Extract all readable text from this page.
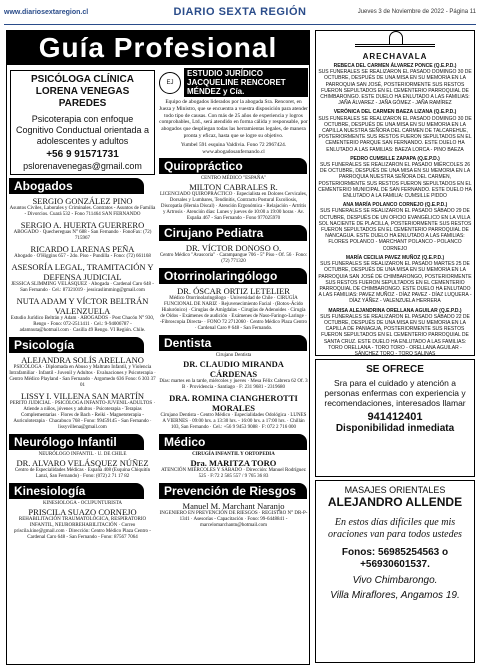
www.diariosextaregion.cl	DIARIO SEXTA REGIÓN	Jueves 3 de Noviembre de 2022 - Página 11
Guía Profesional
PSICÓLOGA CLÍNICA
LORENA VENEGAS PAREDES
Psicoterapia con enfoque Cognitivo Conductual orientada a adolescentes y adultos
+56 9 91571731
pslorenavenegas@gmail.com
Abogados
SERGIO GONZÁLEZ PINO
Asuntos Civiles, Laborales y Criminales. Contratos - Asuntos de Familia - Divorcios. Cuará 532 - Fono 711464 SAN FERNANDO
SERGIO A. HUERTA GUERRERO
ABOGADO · Quechereguas N° 688 - San Fernando · FonoFax: (72) 715967
RICARDO LARENAS PEÑA
Abogado · O'Higgins 657 - 2do. Piso - Pundilla - Fono: (72) 661168
ASESORÍA LEGAL, TRAMITACIÓN Y DEFENSA JUDICIAL
JESSICA SLIMMING VELÁSQUEZ · Abogada · Cardenal Caro 648 - San Fernando · Cel.: 87321019 · jessicaslimming@gmail.com
NUTA ADAM Y VÍCTOR BELTRÁN VALENZUELA
Estudio Jurídico Beltrán y Adam · ABOGADOS · Post Chacón N° 930, Rengo - Fono: 072-2511411 · Cel.: 9-94006787 - adamnuta@hotmail.com · Casilla 49 Rengo. VI Región. Chile.
Psicología
ALEJANDRA SOLÍS ARELLANO
PSICÓLOGA · Diplomada en Abuso y Maltrato Infantil, y Violencia Intrafamiliar · Infantil - Juvenil y Adultos · Evaluaciones y Psicoterapia · Centro Médico Playland - San Fernando · Argomedo 636 Fono: 6 303 37 01
LISSY I. VILLENA SAN MARTÍN
PERITO JUDICIAL · PSICÓLOGA INFANTO-JUVENIL-ADULTOS · Atiende a niños, jóvenes y adultos · Psicoterapia - Terapias Complementarias · Flores de Bach - Reiki - Magnetoterapia - Auriculoterapia · Chacabuco 768 - Fono: 99459145 - San Fernando · lissyvillena@gmail.com
Neurólogo Infantil
NEURÓLOGO INFANTIL · U. DE CHILE
DR. ALVARO VELÁSQUEZ NÚÑEZ
Centro de Especialidades Médicas · España 408 (Esquina Chiquitín Lanzi, San Fernando) · Fono: (072) 2 71 17 82
Kinesiología
KINESIOLOGA - OCUPUNTURISTA
PRISCILA SUAZO CORNEJO
REHABILITACIÓN TRAUMATOLÓGICA, RESPIRATORIO INFANTIL, NEURORREHABILITACIÓN · Correo priscila.kine@gmail.com · Dirección: Centro Médico Plaza Centro - Cardenal Caro 648 - San Fernando - Fono: 87567 7064
EJ
ESTUDIO JURÍDICO JACQUELINE RENCORET MÉNDEZ y Cía.
Equipo de abogados liderados por la abogada Sra. Rencoret, en Jueza y Ministro, que se encuentra a vuestra disposición para atender todo tipo de causas. Con más de 25 años de experiencia y logros comprobables, Ltd., será atendido en forma cálida y responsable, por abogados que despliegan todas las herramientas legales, de manera pronta y eficaz, hasta que se logre su objetivo.
Yumbel 591 esquina Valdivia. Fono 72 2967424. www.abogadosanfernando.cl
Quiropráctico
CENTRO MÉDICO "ESPAÑA"
MILTON CABRALES R.
LICENCIADO QUIROPRÁCTICO · Especialista en Dolores Cervicales, Dorsales y Lumbares, Tendinitis, Contractu Postural Escoliosis, Discopatía (Hernia Discal) · Atención Ergonómica - Relajación - Artritis y Artrosis · Atención días: Lunes y jueves de 10:00 a 19:00 horas · Av. España 467 - San Fernando - Fono 977025970
Cirujano Pediatra
DR. VÍCTOR DONOSO O.
Centro Médico "Avascoria" · Carampangue 706 - 5° Piso - Of. 56 · Fono: (72) 771320
Otorrinolaringólogo
DR. ÓSCAR ORTIZ LETELIER
Médico Otorrinolaringólogo · Universidad de Chile · CIRUGÍA FUNCIONAL DE NARIZ · Rejuvenecimiento Facial · (Botox-Ácido Hialurónico) · Cirugías de Amígdalas - Cirugías de Adenoides · Cirugía de Oídos - Exámenes de audición · Exámenes de Naso-Faringo-Laringe · -Fibroscopia Directa- · FONO 72 2712060 · Centro Médico Plaza Centro · Cardenal Caro # 648 - San Fernando.
Dentista
Cirujano Dentista
DR. CLAUDIO MIRANDA CÁRDENAS
Días: martes en la tarde, miércoles y jueves · Mesa Félix Cabrera 62 Of. 3 B · Providencia - Santiago · F: 231 9681 - 2319680
DRA. ROMINA CIANGHEROTTI MORALES
Cirujano Dentista - Centro Médico · Especialidades Odológica · LUNES A VIERNES · 09:00 hrs. a 13:30 hrs. - 16:00 hrs. a 17:00 hrs. · Chillán 103, San Fernando · Cel.: +56 9 9453 9088 · F: 072 2 716 000
Médico
CIRUGÍA INFANTIL Y ORTOPEDIA
Dra. MARITZA TORO
ATENCIÓN MIÉRCOLES Y SÁBADO · Dirección: Manuel Rodríguez 525 · F:72 2 585 557 / 9 765 36 83
Prevención de Riesgos
Manuel M. Marchant Naranjo
INGENIERO EN PREVENCIÓN DE RIESGOS · REGISTRO N° DR-P-1341 · Asesorías - Capacitación · Fono: 99-6448841 - marcelomarchantn@hotmail.com
ARECHAVALA
REBECA DEL CARMEN ÁLVAREZ PONCE (Q.E.P.D.)
SUS FUNERALES SE REALIZARON EL PASADO DOMINGO 30 DE OCTUBRE, DESPUÉS DE UNA MISA EN SU MEMORIA EN LA PARROQUIA SAN JOSÉ, POSTERIORMENTE SUS RESTOS FUERON SEPULTADOS EN EL CEMENTERIO PARROQUIAL DE CHIMBARONGO. ESTE DUELO HA ENLUTADO A LAS FAMILIAS: JAÑA ÁLVAREZ - JAÑA GÓMEZ - JAÑA RAMÍREZ
VERÓNICA DEL CARMEN BAEZA LIZANA (Q.E.P.D.)
SUS FUNERALES SE REALIZARON EL PASADO DOMINGO 30 DE OCTUBRE, DESPUÉS DE UNA MISA EN SU MEMORIA EN LA CAPILLA NUESTRA SEÑORA DEL CARMEN DE TALCAREHUE, POSTERIORMENTE SUS RESTOS FUERON SEPULTADOS EN EL CEMENTERIO PARQUE SAN FERNANDO. ESTE DUELO HA ENLUTADO A LAS FAMILIAS: BAEZA LORCA - PINO BAEZA
PEDRO CUMSILLE ZAPAPA (Q.E.P.D.)
SUS FUNERALES SE REALIZARON EL PASADO MIÉRCOLES 26 DE OCTUBRE, DESPUÉS DE UNA MISA EN SU MEMORIA EN LA PARROQUIA NUESTRA SEÑORA DEL CARMEN, POSTERIORMENTE SUS RESTOS FUERON SEPULTADOS EN EL CEMENTERIO MUNICIPAL DE SAN FERNANDO. ESTE DUELO HA ENLUTADO A LA FAMILIA: CUMSILLE PIDDO
ANA MARÍA POLANCO CORNEJO (Q.E.P.D.)
SUS FUNERALES SE REALIZARON EL PASADO SÁBADO 29 DE OCTUBRE, DESPUÉS DE UN OFICIO EVANGÉLICO EN LA VILLA SOL NACIENTE DE PLACILLA, POSTERIORMENTE SUS RESTOS FUERON SEPULTADOS EN EL CEMENTERIO PARROQUIAL DE NANCAGUA. ESTE DUELO HA ENLUTADO A LAS FAMILIAS: FLORES POLANCO - MARCHANT POLANCO - POLANCO CORNEJO
MARÍA CECILIA PAVEZ MUÑOZ (Q.E.P.D.)
SUS FUNERALES SE REALIZARON EL PASADO MARTES 25 DE OCTUBRE, DESPUÉS DE UNA MISA EN SU MEMORIA EN LA PARROQUIA SAN JOSÉ DE CHIMBARONGO, POSTERIORMENTE SUS RESTOS FUERON SEPULTADOS EN EL CEMENTERIO PARROQUIAL DE CHIMBARONGO. ESTE DUELO HA ENLUTADO A LAS FAMILIAS: PAVEZ MUÑOZ - DÍAZ PAVEZ - DÍAZ LUQUERA - DÍAZ YÁÑEZ - VALENZUELA HERRERA
MARISA ALEJANDRINA ORELLANA AGUILAR (Q.E.P.D.)
SUS FUNERALES SE REALIZARON EL PASADO SÁBADO 22 DE OCTUBRE, DESPUÉS DE UNA MISA EN SU MEMORIA EN LA CAPILLA DE PANIAGUA, POSTERIORMENTE SUS RESTOS FUERON SEPULTADOS EN EL CEMENTERIO PARROQUIAL DE SANTA CRUZ. ESTE DUELO HA ENLUTADO A LAS FAMILIAS: TORO ORELLANA - TORO TORO - ORELLANA AGUILAR - SÁNCHEZ TORO - TORO SALINAS
SE OFRECE
Sra para el cuidado y atención a personas enfermas con experiencia y recomendaciones, interesados llamar
941412401
Disponibilidad inmediata
MASAJES ORIENTALES
ALEJANDRO ALLENDE
En estos días difíciles que mis oraciones van para todos ustedes
Fonos: 56985254563 o +56930601537.
Vivo Chimbarongo.
Villa Miraflores, Angamos 19.
